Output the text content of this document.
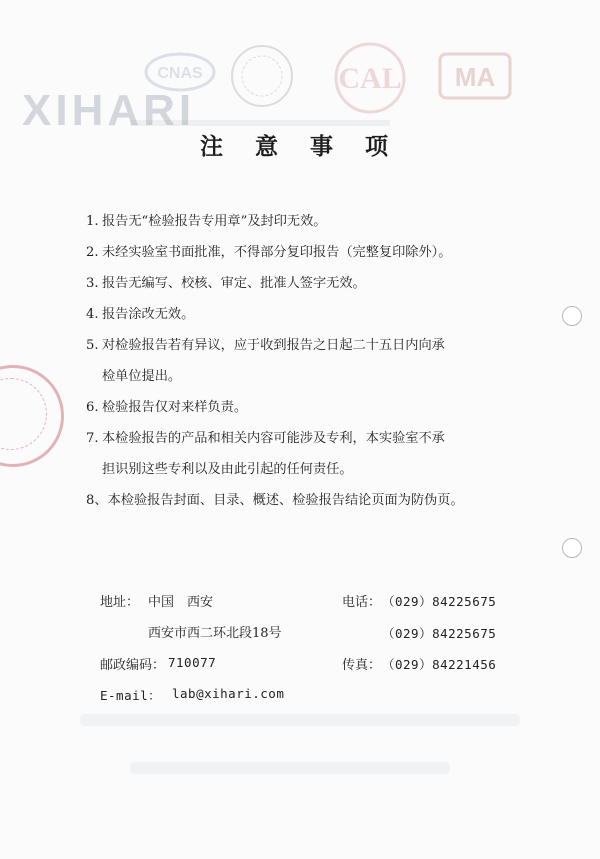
XIHARI
CNAS	CAL MA
注 意 事 项
1. 报告无“检验报告专用章”及封印无效。
2. 未经实验室书面批准，不得部分复印报告（完整复印除外）。
3. 报告无编写、校核、审定、批准人签字无效。
4. 报告涂改无效。
5. 对检验报告若有异议，应于收到报告之日起二十五日内向承
检单位提出。
6. 检验报告仅对来样负责。
7. 本检验报告的产品和相关内容可能涉及专利，本实验室不承
担识别这些专利以及由此引起的任何责任。
8、本检验报告封面、目录、概述、检验报告结论页面为防伪页。
地址： 中国　西安
西安市西二环北段18号
电话： （029）84225675
（029）84225675
邮政编码： 710077	传真： （029）84221456
E-mail： lab@xihari.com
